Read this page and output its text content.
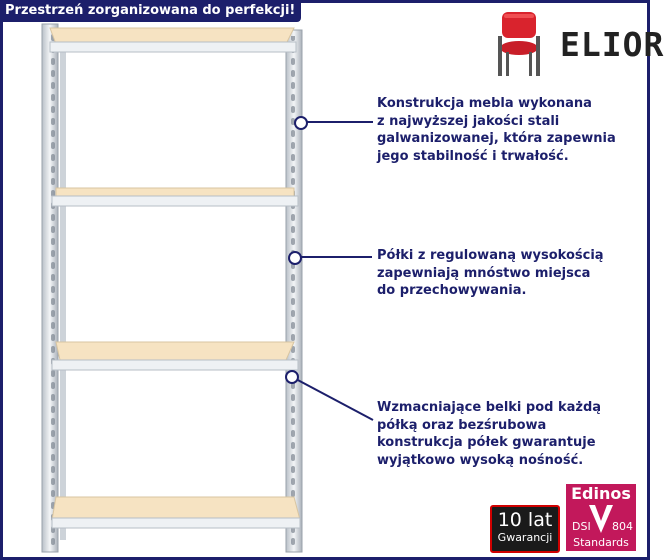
Przestrzeń zorganizowana do perfekcji!
ELIOR
Konstrukcja mebla wykonana
z najwyższej jakości stali
galwanizowanej, która zapewnia
jego stabilność i trwałość.
Półki z regulowaną wysokością
zapewniają mnóstwo miejsca
do przechowywania.
Wzmacniające belki pod każdą
półką oraz bezśrubowa
konstrukcja półek gwarantuje
wyjątkowo wysoką nośność.
10 lat
Gwarancji
Edinos
DSI 804
Standards
